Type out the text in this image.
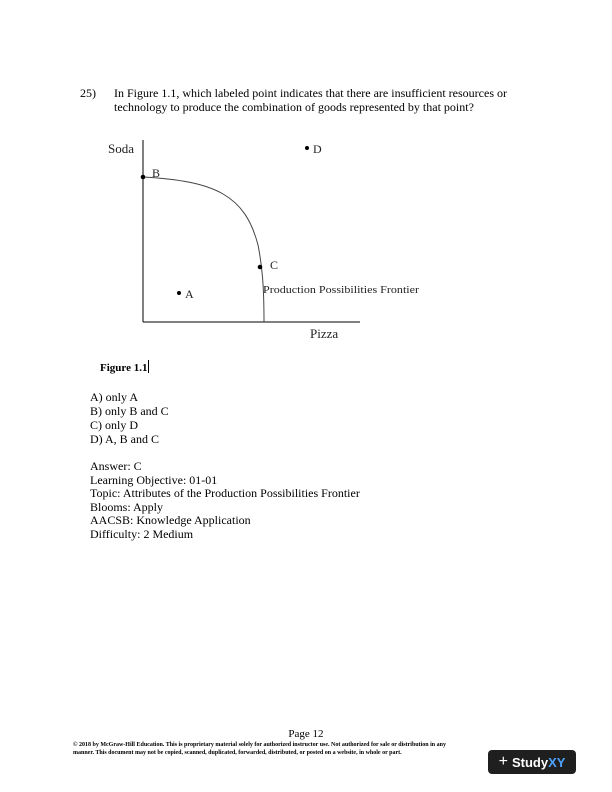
25) In Figure 1.1, which labeled point indicates that there are insufficient resources or
technology to produce the combination of goods represented by that point?
Soda
Pizza
B
C
A
D
Production Possibilities Frontier
Figure 1.1
A) only A
B) only B and C
C) only D
D) A, B and C
Answer: C
Learning Objective: 01-01
Topic: Attributes of the Production Possibilities Frontier
Blooms: Apply
AACSB: Knowledge Application
Difficulty: 2 Medium
Page 12
© 2018 by McGraw-Hill Education. This is proprietary material solely for authorized instructor use. Not authorized for sale or distribution in any
manner. This document may not be copied, scanned, duplicated, forwarded, distributed, or posted on a website, in whole or part.	+ Study XY
